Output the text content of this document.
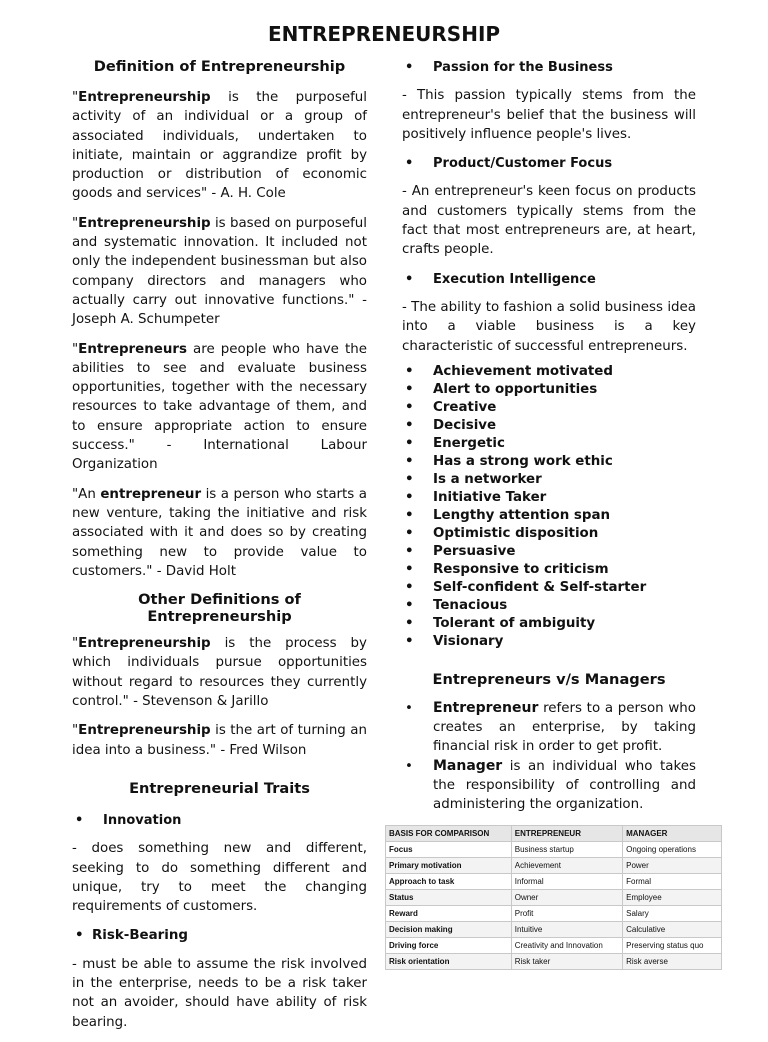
ENTREPRENEURSHIP
Definition of Entrepreneurship

"Entrepreneurship is the purposeful activity of an individual or a group of associated individuals, undertaken to initiate, maintain or aggrandize profit by production or distribution of economic goods and services" - A. H. Cole

"Entrepreneurship is based on purposeful and systematic innovation. It included not only the independent businessman but also company directors and managers who actually carry out innovative functions." - Joseph A. Schumpeter

"Entrepreneurs are people who have the abilities to see and evaluate business opportunities, together with the necessary resources to take advantage of them, and to ensure appropriate action to ensure success." - International Labour Organization

"An entrepreneur is a person who starts a new venture, taking the initiative and risk associated with it and does so by creating something new to provide value to customers." - David Holt

Other Definitions of Entrepreneurship

"Entrepreneurship is the process by which individuals pursue opportunities without regard to resources they currently control." - Stevenson & Jarillo

"Entrepreneurship is the art of turning an idea into a business." - Fred Wilson

Entrepreneurial Traits
• Innovation

- does something new and different, seeking to do something different and unique, try to meet the changing requirements of customers.

• Risk-Bearing

- must be able to assume the risk involved in the enterprise, needs to be a risk taker not an avoider, should have ability of risk bearing.

• Passion for the Business

- This passion typically stems from the entrepreneur's belief that the business will positively influence people's lives.

• Product/Customer Focus

- An entrepreneur's keen focus on products and customers typically stems from the fact that most entrepreneurs are, at heart, crafts people.

• Execution Intelligence

- The ability to fashion a solid business idea into a viable business is a key characteristic of successful entrepreneurs.

• Achievement motivated
• Alert to opportunities
• Creative
• Decisive
• Energetic
• Has a strong work ethic
• Is a networker
• Initiative Taker
• Lengthy attention span
• Optimistic disposition
• Persuasive
• Responsive to criticism
• Self-confident & Self-starter
• Tenacious
• Tolerant of ambiguity
• Visionary
Entrepreneurs v/s Managers

• Entrepreneur refers to a person who creates an enterprise, by taking financial risk in order to get profit.

• Manager is an individual who takes the responsibility of controlling and administering the organization.

BASIS FOR COMPARISON	ENTREPRENEUR	MANAGER
Focus	Business startup	Ongoing operations
Primary motivation	Achievement	Power
Approach to task	Informal	Formal
Status	Owner	Employee
Reward	Profit	Salary
Decision making	Intuitive	Calculative
Driving force	Creativity and Innovation	Preserving status quo
Risk orientation	Risk taker	Risk averse
